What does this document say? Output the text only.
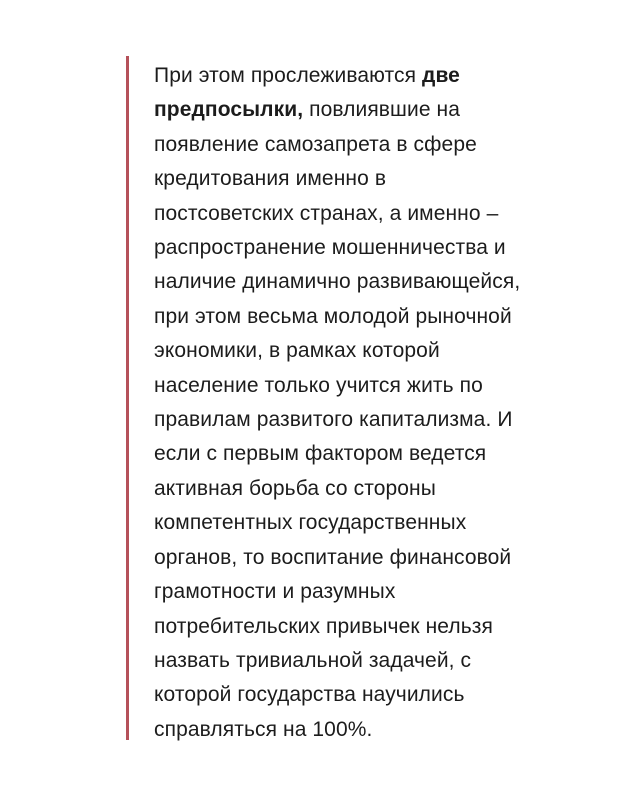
При этом прослеживаются две
предпосылки, повлиявшие на
появление самозапрета в сфере
кредитования именно в
постсоветских странах, а именно –
распространение мошенничества и
наличие динамично развивающейся,
при этом весьма молодой рыночной
экономики, в рамках которой
население только учится жить по
правилам развитого капитализма. И
если с первым фактором ведется
активная борьба со стороны
компетентных государственных
органов, то воспитание финансовой
грамотности и разумных
потребительских привычек нельзя
назвать тривиальной задачей, с
которой государства научились
справляться на 100%.
